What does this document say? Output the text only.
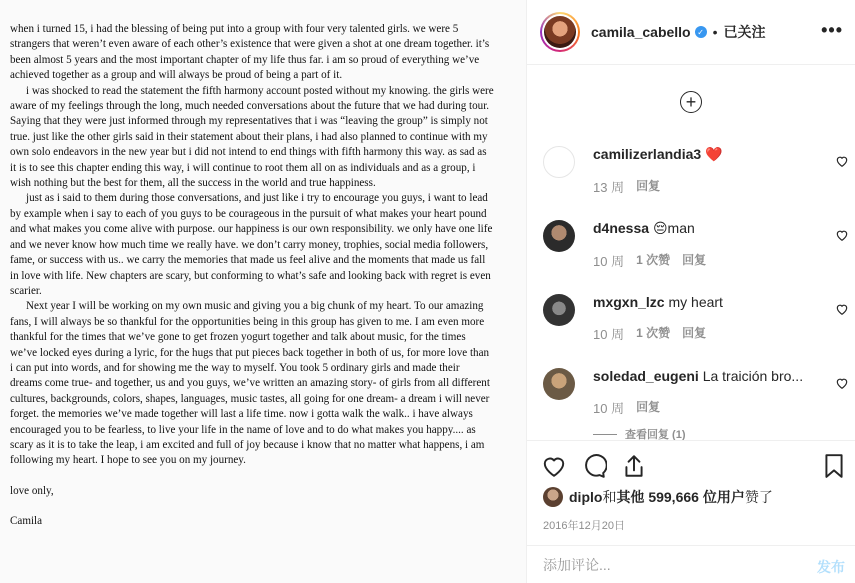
when i turned 15, i had the blessing of being put into a group with four very talented girls. we were 5 strangers that weren’t even aware of each other’s existence that were given a shot at one dream together. it’s been almost 5 years and the most important chapter of my life thus far. i am so proud of everything we’ve achieved together as a group and will always be proud of being a part of it.

i was shocked to read the statement the fifth harmony account posted without my knowing. the girls were aware of my feelings through the long, much needed conversations about the future that we had during tour. Saying that they were just informed through my representatives that i was “leaving the group” is simply not true. just like the other girls said in their statement about their plans, i had also planned to continue with my own solo endeavors in the new year but i did not intend to end things with fifth harmony this way. as sad as it is to see this chapter ending this way, i will continue to root them all on as individuals and as a group, i wish nothing but the best for them, all the success in the world and true happiness.

just as i said to them during those conversations, and just like i try to encourage you guys, i want to lead by example when i say to each of you guys to be courageous in the pursuit of what makes your heart pound and what makes you come alive with purpose. our happiness is our own responsibility. we only have one life and we never know how much time we really have. we don’t carry money, trophies, social media followers, fame, or success with us.. we carry the memories that made us feel alive and the moments that made us fall in love with life. New chapters are scary, but conforming to what’s safe and looking back with regret is even scarier.

Next year I will be working on my own music and giving you a big chunk of my heart. To our amazing fans, I will always be so thankful for the opportunities being in this group has given to me. I am even more thankful for the times that we’ve gone to get frozen yogurt together and talk about music, for the times we’ve locked eyes during a lyric, for the hugs that put pieces back together in both of us, for more love than i can put into words, and for showing me the way to myself. You took 5 ordinary girls and made their dreams come true- and together, us and you guys, we’ve written an amazing story- of girls from all different cultures, backgrounds, colors, shapes, languages, music tastes, all going for one dream- a dream i will never forget. the memories we’ve made together will last a life time. now i gotta walk the walk.. i have always encouraged you to be fearless, to live your life in the name of love and to do what makes you happy.... as scary as it is to take the leap, i am excited and full of joy because i know that no matter what happens, i am following my heart. I hope to see you on my journey.

love only,

Camila

camila_cabello ✓ • 已关注	•••
+
camilizerlandia3 ❤️
13 周 回复
d4nessa 😔man
10 周 1 次赞 回复
mxgxn_lzc my heart
10 周 1 次赞 回复
soledad_eugeni La traición bro...
10 周 回复
查看回复 (1)
diplo 和 其他 599,666 位用户 赞了
2016年12月20日
添加评论...
发布
